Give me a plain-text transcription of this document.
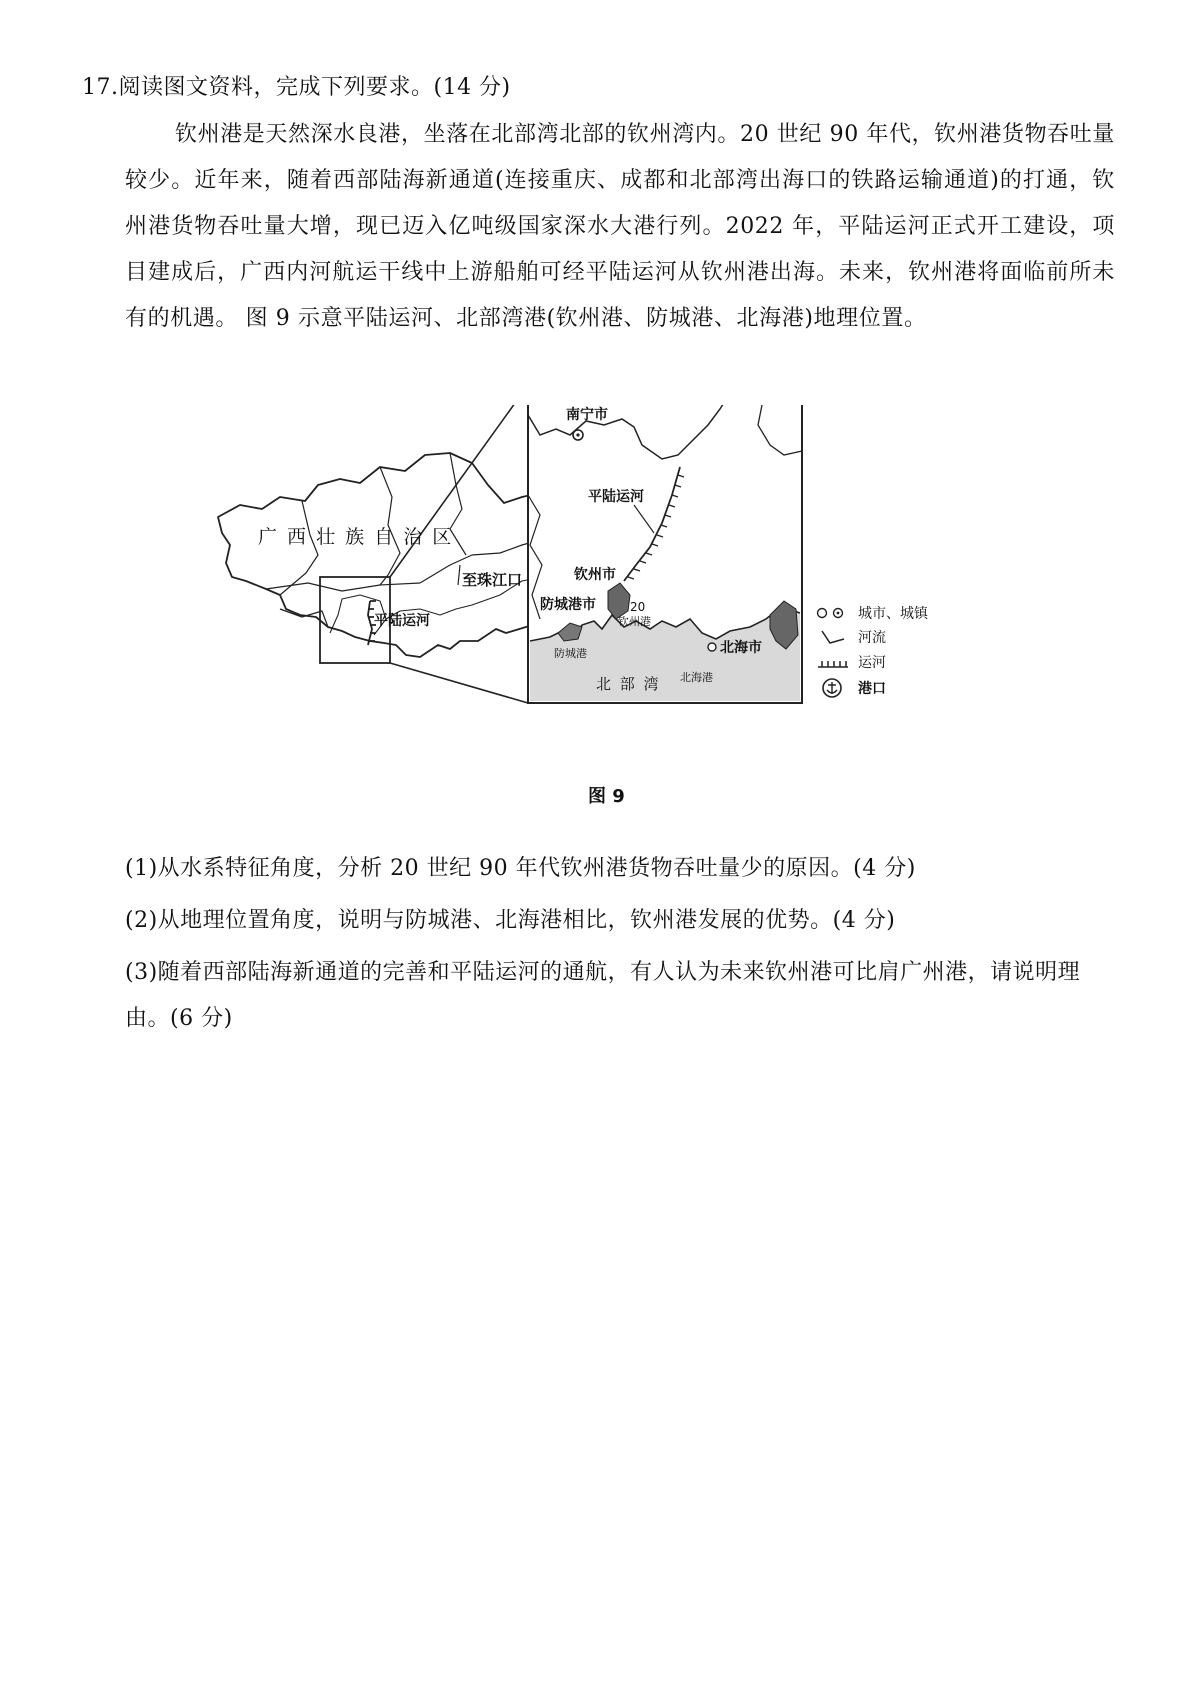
17.阅读图文资料，完成下列要求。(14 分)
钦州港是天然深水良港，坐落在北部湾北部的钦州湾内。20 世纪 90 年代，钦州港货物吞吐量较少。近年来，随着西部陆海新通道(连接重庆、成都和北部湾出海口的铁路运输通道)的打通，钦州港货物吞吐量大增，现已迈入亿吨级国家深水大港行列。2022 年，平陆运河正式开工建设，项目建成后，广西内河航运干线中上游船舶可经平陆运河从钦州港出海。未来，钦州港将面临前所未有的机遇。 图 9 示意平陆运河、北部湾港(钦州港、防城港、北海港)地理位置。
广 西 壮 族 自 治 区
至珠江口
平陆运河
南宁市
平陆运河
钦州市
防城港市	20
钦州港
防城港	北海市
北海港
北 部 湾
城市、城镇
河流
运河
港口
图 9
(1)从水系特征角度，分析 20 世纪 90 年代钦州港货物吞吐量少的原因。(4 分)
(2)从地理位置角度，说明与防城港、北海港相比，钦州港发展的优势。(4 分)
(3)随着西部陆海新通道的完善和平陆运河的通航，有人认为未来钦州港可比肩广州港，请说明理由。(6 分)
